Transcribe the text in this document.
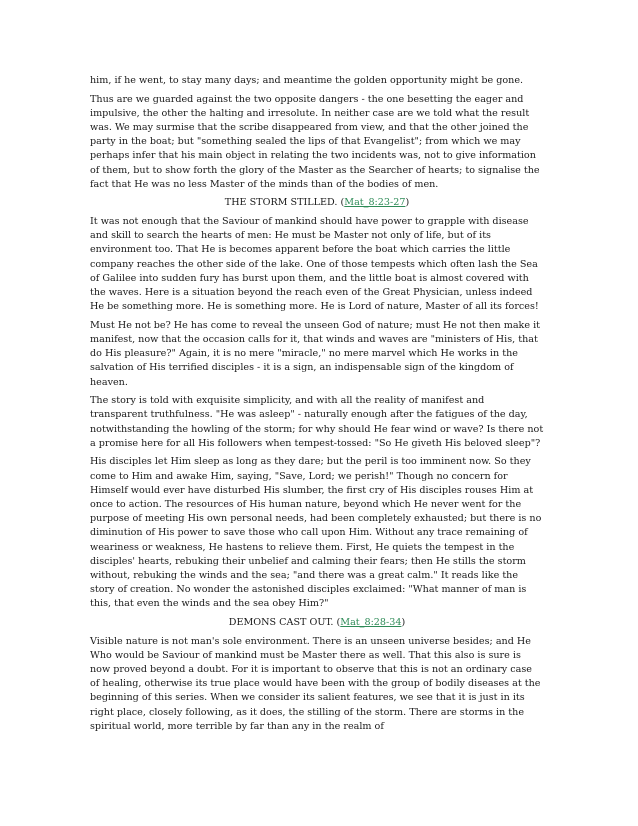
him, if he went, to stay many days; and meantime the golden opportunity might be gone.

Thus are we guarded against the two opposite dangers - the one besetting the eager and impulsive, the other the halting and irresolute. In neither case are we told what the result was. We may surmise that the scribe disappeared from view, and that the other joined the party in the boat; but "something sealed the lips of that Evangelist"; from which we may perhaps infer that his main object in relating the two incidents was, not to give information of them, but to show forth the glory of the Master as the Searcher of hearts; to signalise the fact that He was no less Master of the minds than of the bodies of men.

THE STORM STILLED. (Mat_8:23-27)

It was not enough that the Saviour of mankind should have power to grapple with disease and skill to search the hearts of men: He must be Master not only of life, but of its environment too. That He is becomes apparent before the boat which carries the little company reaches the other side of the lake. One of those tempests which often lash the Sea of Galilee into sudden fury has burst upon them, and the little boat is almost covered with the waves. Here is a situation beyond the reach even of the Great Physician, unless indeed He be something more. He is something more. He is Lord of nature, Master of all its forces!

Must He not be? He has come to reveal the unseen God of nature; must He not then make it manifest, now that the occasion calls for it, that winds and waves are "ministers of His, that do His pleasure?" Again, it is no mere "miracle," no mere marvel which He works in the salvation of His terrified disciples - it is a sign, an indispensable sign of the kingdom of heaven.

The story is told with exquisite simplicity, and with all the reality of manifest and transparent truthfulness. "He was asleep" - naturally enough after the fatigues of the day, notwithstanding the howling of the storm; for why should He fear wind or wave? Is there not a promise here for all His followers when tempest-tossed: "So He giveth His beloved sleep"?

His disciples let Him sleep as long as they dare; but the peril is too imminent now. So they come to Him and awake Him, saying, "Save, Lord; we perish!" Though no concern for Himself would ever have disturbed His slumber, the first cry of His disciples rouses Him at once to action. The resources of His human nature, beyond which He never went for the purpose of meeting His own personal needs, had been completely exhausted; but there is no diminution of His power to save those who call upon Him. Without any trace remaining of weariness or weakness, He hastens to relieve them. First, He quiets the tempest in the disciples' hearts, rebuking their unbelief and calming their fears; then He stills the storm without, rebuking the winds and the sea; "and there was a great calm." It reads like the story of creation. No wonder the astonished disciples exclaimed: "What manner of man is this, that even the winds and the sea obey Him?"

DEMONS CAST OUT. (Mat_8:28-34)

Visible nature is not man's sole environment. There is an unseen universe besides; and He Who would be Saviour of mankind must be Master there as well. That this also is sure is now proved beyond a doubt. For it is important to observe that this is not an ordinary case of healing, otherwise its true place would have been with the group of bodily diseases at the beginning of this series. When we consider its salient features, we see that it is just in its right place, closely following, as it does, the stilling of the storm. There are storms in the spiritual world, more terrible by far than any in the realm of
